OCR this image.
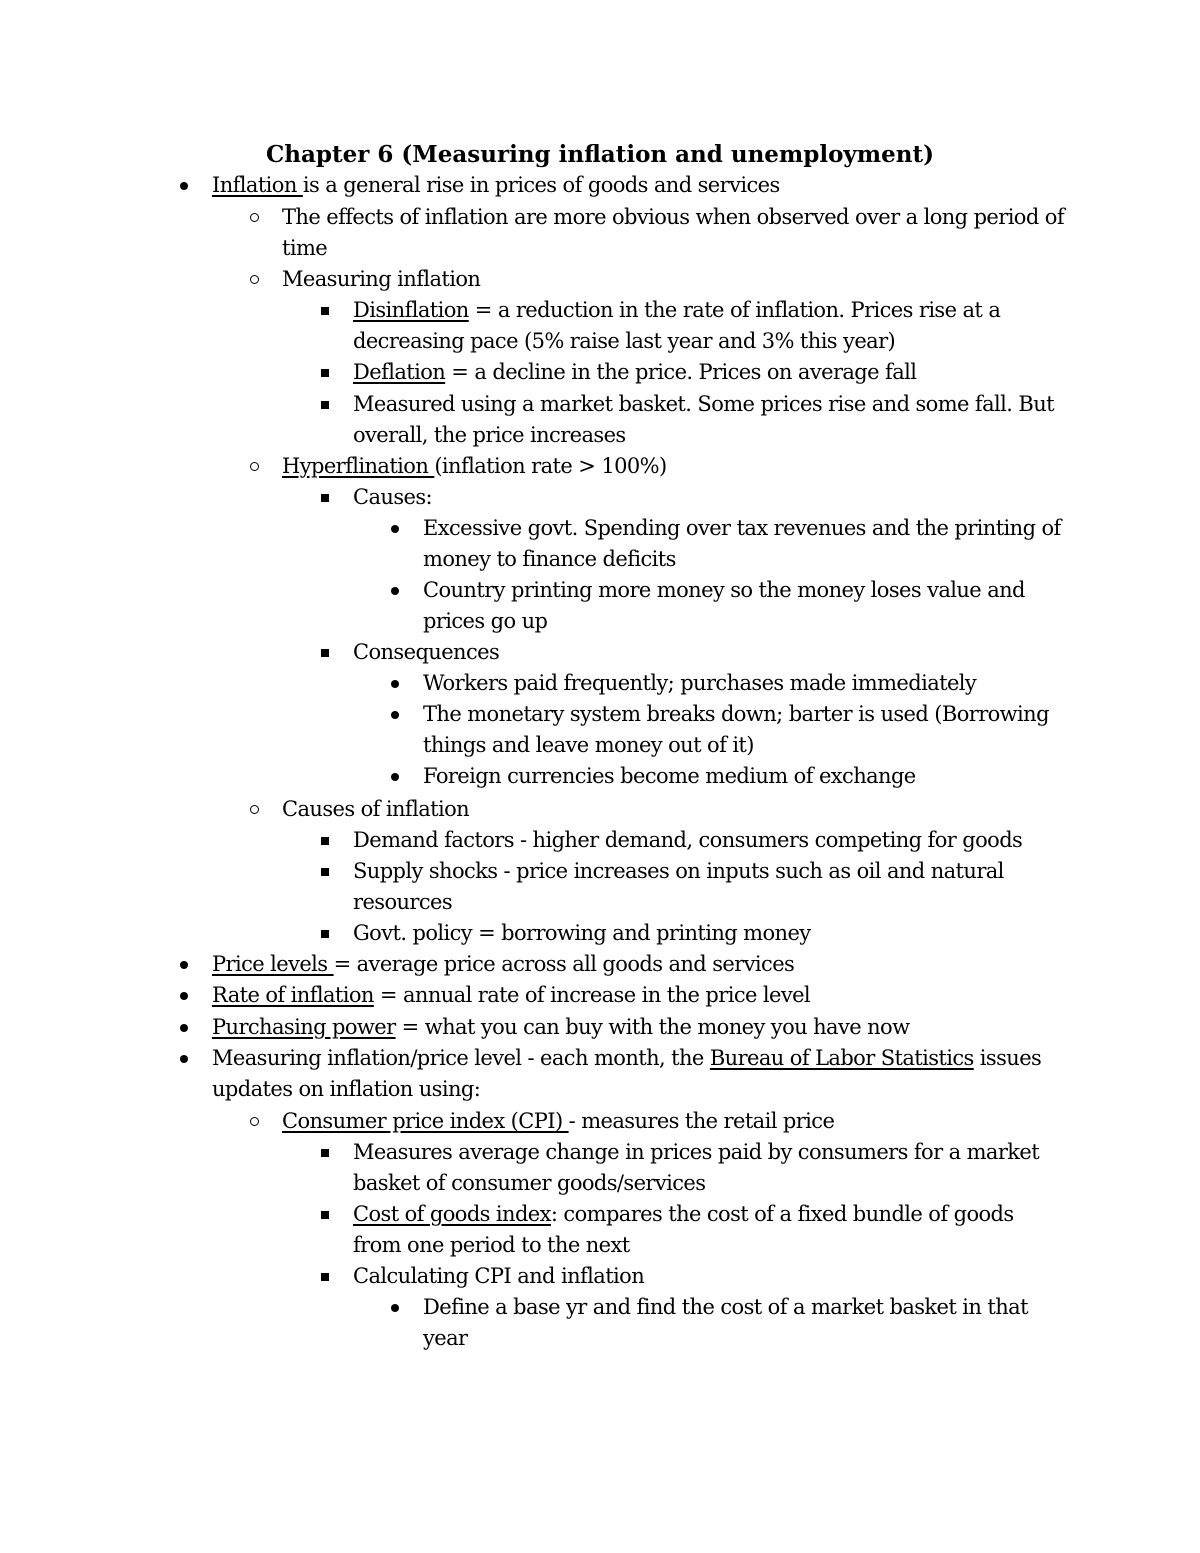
Chapter 6 (Measuring inflation and unemployment)
Inflation is a general rise in prices of goods and services
The effects of inflation are more obvious when observed over a long period of time
Measuring inflation
Disinflation = a reduction in the rate of inflation. Prices rise at a decreasing pace (5% raise last year and 3% this year)
Deflation = a decline in the price. Prices on average fall
Measured using a market basket. Some prices rise and some fall. But overall, the price increases
Hyperflination (inflation rate > 100%)
Causes:
Excessive govt. Spending over tax revenues and the printing of money to finance deficits
Country printing more money so the money loses value and prices go up
Consequences
Workers paid frequently; purchases made immediately
The monetary system breaks down; barter is used (Borrowing things and leave money out of it)
Foreign currencies become medium of exchange
Causes of inflation
Demand factors - higher demand, consumers competing for goods
Supply shocks - price increases on inputs such as oil and natural resources
Govt. policy = borrowing and printing money
Price levels = average price across all goods and services
Rate of inflation = annual rate of increase in the price level
Purchasing power = what you can buy with the money you have now
Measuring inflation/price level - each month, the Bureau of Labor Statistics issues updates on inflation using:
Consumer price index (CPI) - measures the retail price
Measures average change in prices paid by consumers for a market basket of consumer goods/services
Cost of goods index: compares the cost of a fixed bundle of goods from one period to the next
Calculating CPI and inflation
Define a base yr and find the cost of a market basket in that year
